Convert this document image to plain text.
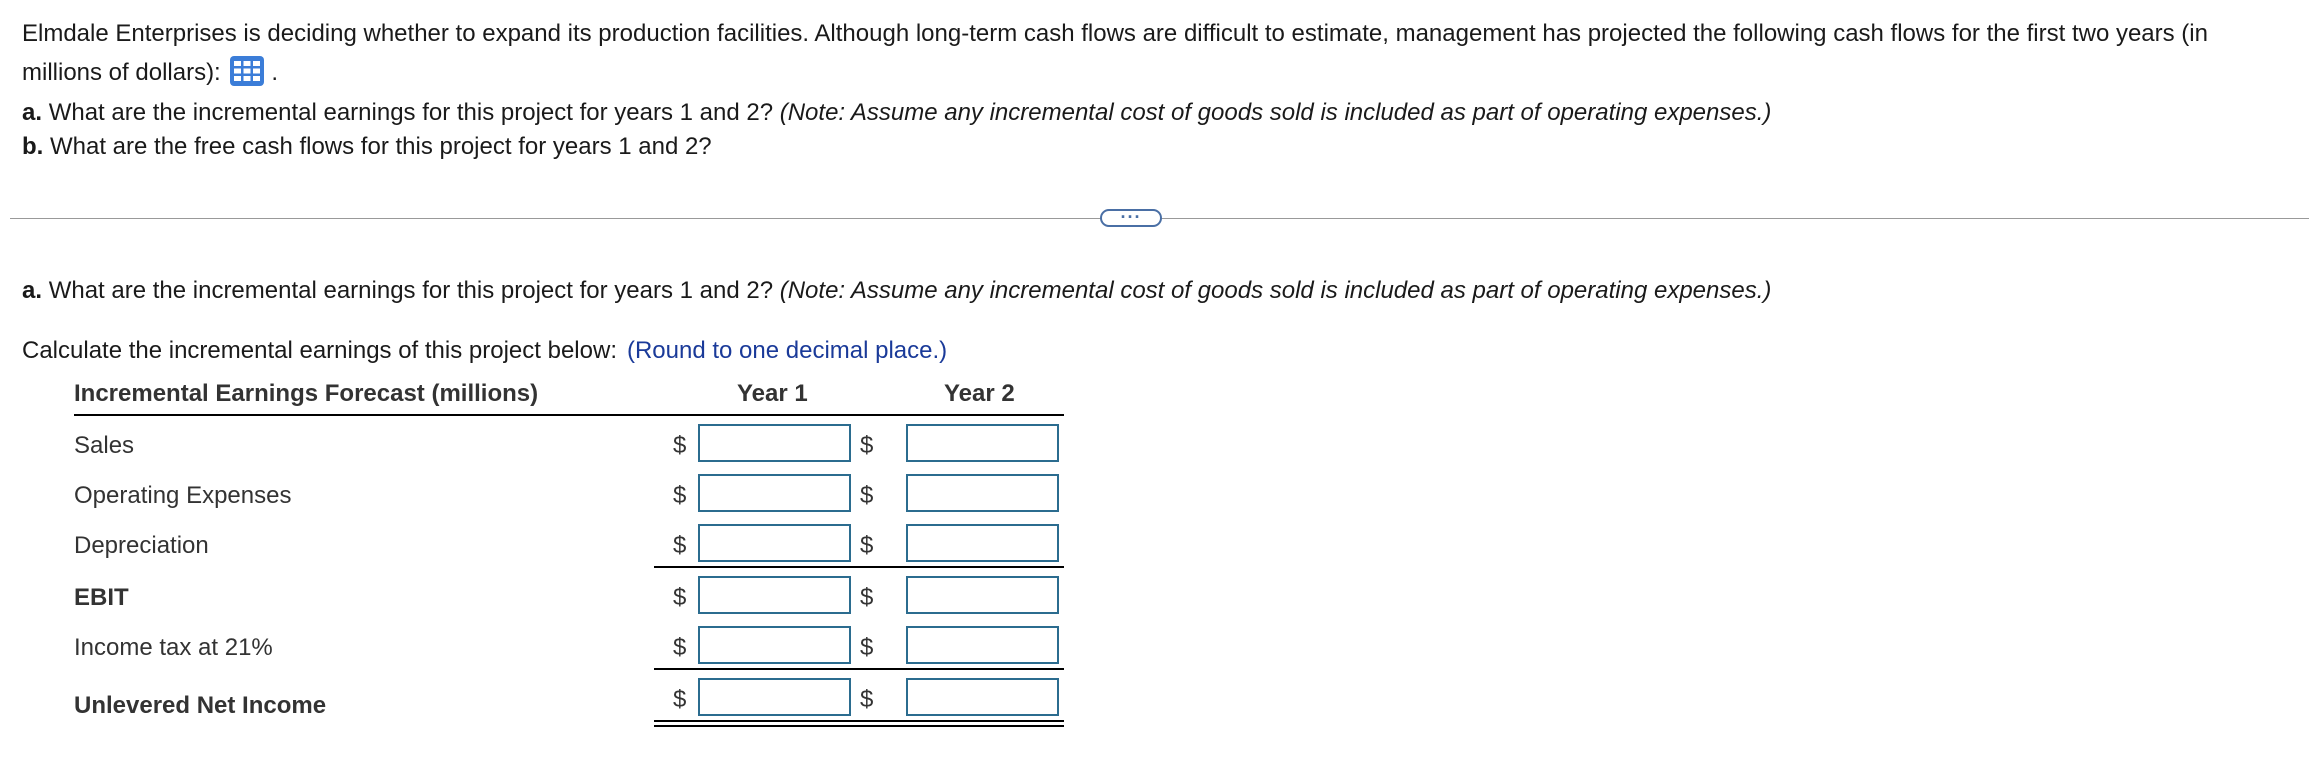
Elmdale Enterprises is deciding whether to expand its production facilities. Although long-term cash flows are difficult to estimate, management has projected the following cash flows for the first two years (in millions of dollars): .
a. What are the incremental earnings for this project for years 1 and 2? (Note: Assume any incremental cost of goods sold is included as part of operating expenses.)
b. What are the free cash flows for this project for years 1 and 2?
···
a. What are the incremental earnings for this project for years 1 and 2? (Note: Assume any incremental cost of goods sold is included as part of operating expenses.)
Calculate the incremental earnings of this project below: (Round to one decimal place.)
Incremental Earnings Forecast (millions)	Year 1	Year 2
Sales	$	$
Operating Expenses	$	$
Depreciation	$	$
EBIT	$	$
Income tax at 21%	$	$
Unlevered Net Income	$	$
